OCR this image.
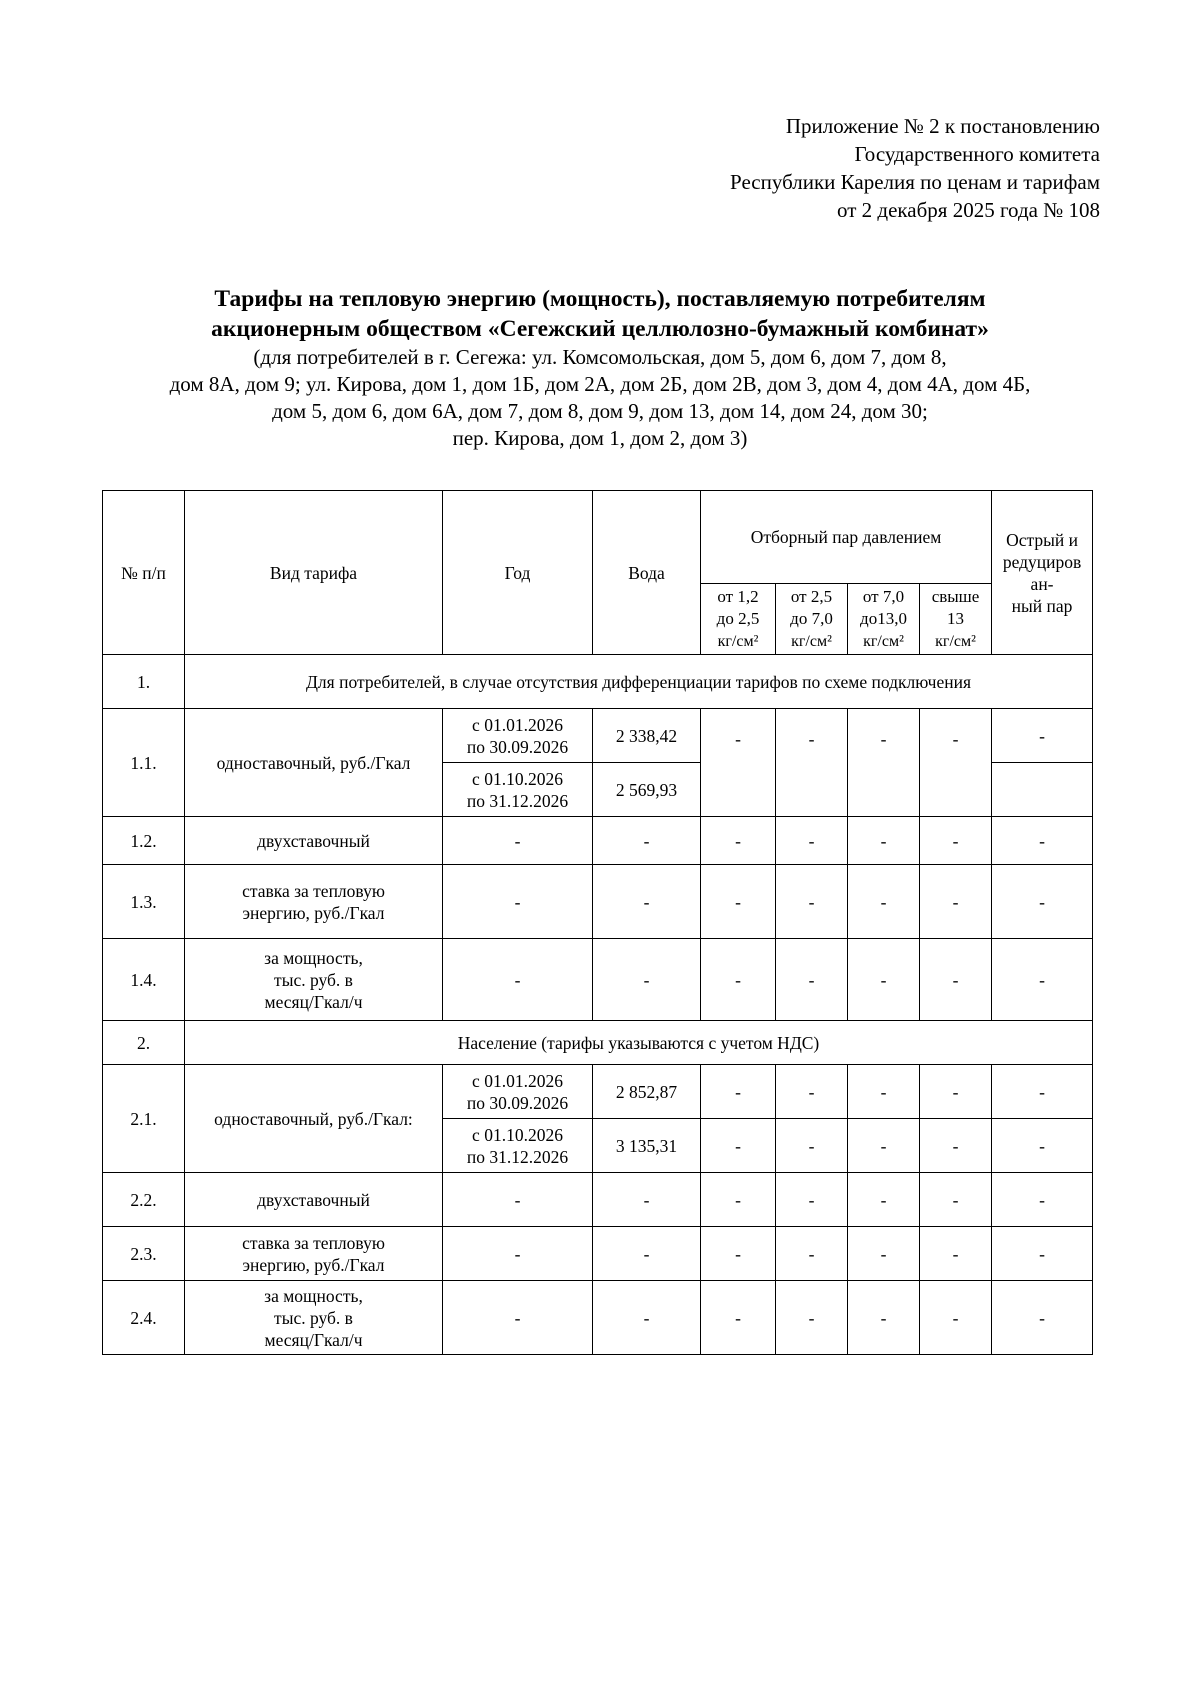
Приложение № 2 к постановлению
Государственного комитета
Республики Карелия по ценам и тарифам
от 2 декабря 2025 года № 108
Тарифы на тепловую энергию (мощность), поставляемую потребителям
акционерным обществом «Сегежский целлюлозно-бумажный комбинат»
(для потребителей в г. Сегежа: ул. Комсомольская, дом 5, дом 6, дом 7, дом 8,
дом 8А, дом 9; ул. Кирова, дом 1, дом 1Б, дом 2А, дом 2Б, дом 2В, дом 3, дом 4, дом 4А, дом 4Б,
дом 5, дом 6, дом 6А, дом 7, дом 8, дом 9, дом 13, дом 14, дом 24, дом 30;
пер. Кирова, дом 1, дом 2, дом 3)
№ п/п	Вид тарифа	Год	Вода	Отборный пар давлением				Острый и
редуциров
ан-
ный пар
				от 1,2
до 2,5
кг/см²	от 2,5
до 7,0
кг/см²	от 7,0
до13,0
кг/см²	свыше
13
кг/см²	
1.	Для потребителей, в случае отсутствия дифференциации тарифов по схеме подключения							
1.1.	одноставочный, руб./Гкал	с 01.01.2026
по 30.09.2026	2 338,42	-	-	-	-	-
		с 01.10.2026
по 31.12.2026	2 569,93					
1.2.	двухставочный	-	-	-	-	-	-	-
1.3.	ставка за тепловую
энергию, руб./Гкал	-	-	-	-	-	-	-
1.4.	за мощность,
тыс. руб. в
месяц/Гкал/ч	-	-	-	-	-	-	-
2.	Население (тарифы указываются с учетом НДС)							
2.1.	одноставочный, руб./Гкал:	с 01.01.2026
по 30.09.2026	2 852,87	-	-	-	-	-
		с 01.10.2026
по 31.12.2026	3 135,31	-	-	-	-	-
2.2.	двухставочный	-	-	-	-	-	-	-
2.3.	ставка за тепловую
энергию, руб./Гкал	-	-	-	-	-	-	-
2.4.	за мощность,
тыс. руб. в
месяц/Гкал/ч	-	-	-	-	-	-	-
